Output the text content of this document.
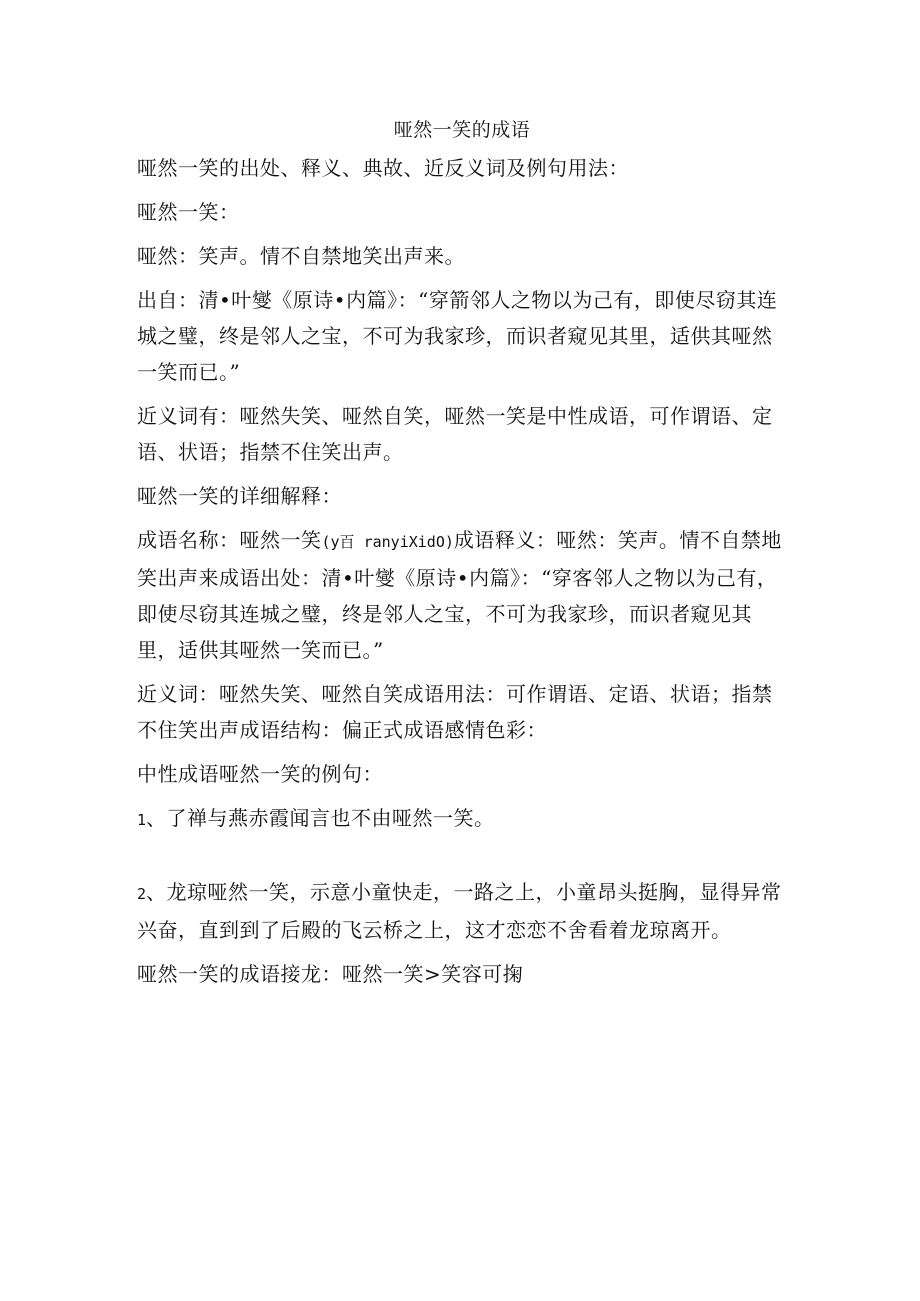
哑然一笑的成语

哑然一笑的出处、释义、典故、近反义词及例句用法：

哑然一笑：

哑然：笑声。情不自禁地笑出声来。

出自：清•叶燮《原诗•内篇》：“穿箭邻人之物以为己有，即使尽窃其连城之璧，终是邻人之宝，不可为我家珍，而识者窥见其里，适供其哑然一笑而已。”

近义词有：哑然失笑、哑然自笑，哑然一笑是中性成语，可作谓语、定语、状语；指禁不住笑出声。

哑然一笑的详细解释：

成语名称：哑然一笑(y百 ranyiXidO)成语释义：哑然：笑声。情不自禁地笑出声来成语出处：清•叶燮《原诗•内篇》：“穿客邻人之物以为己有，即使尽窃其连城之璧，终是邻人之宝，不可为我家珍，而识者窥见其里，适供其哑然一笑而已。”

近义词：哑然失笑、哑然自笑成语用法：可作谓语、定语、状语；指禁不住笑出声成语结构：偏正式成语感情色彩：

中性成语哑然一笑的例句：

1、了禅与燕赤霞闻言也不由哑然一笑。

2、龙琼哑然一笑，示意小童快走，一路之上，小童昂头挺胸，显得异常兴奋，直到到了后殿的飞云桥之上，这才恋恋不舍看着龙琼离开。

哑然一笑的成语接龙：哑然一笑>笑容可掬
